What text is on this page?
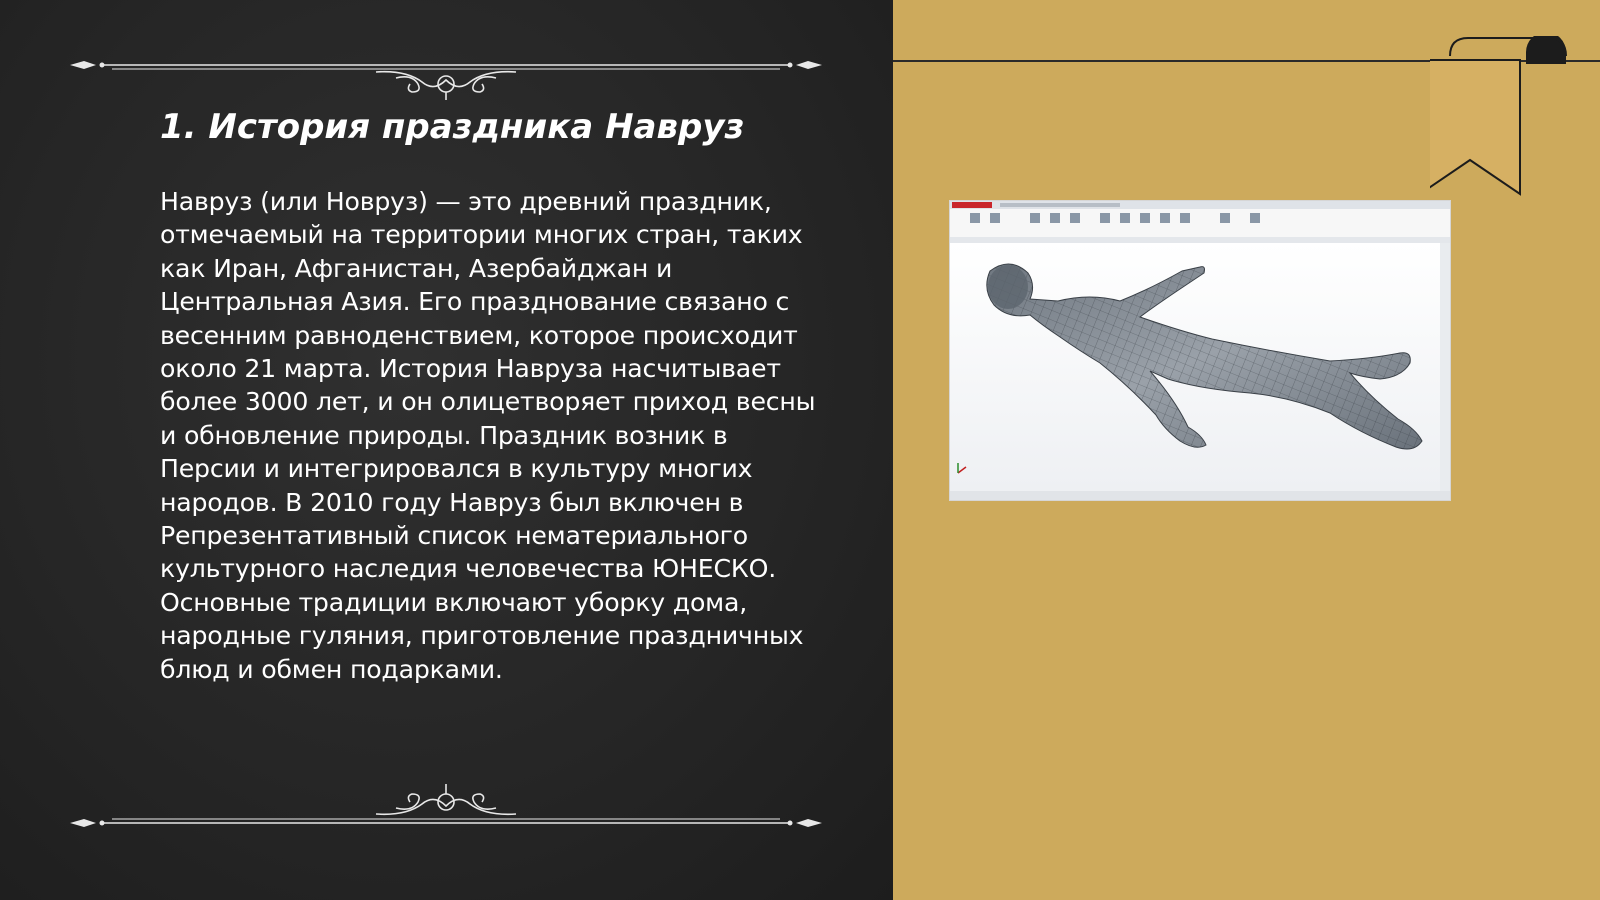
1. История праздника Навруз
Навруз (или Новруз) — это древний праздник,
отмечаемый на территории многих стран, таких
как Иран, Афганистан, Азербайджан и
Центральная Азия. Его празднование связано с
весенним равноденствием, которое происходит
около 21 марта. История Навруза насчитывает
более 3000 лет, и он олицетворяет приход весны
и обновление природы. Праздник возник в
Персии и интегрировался в культуру многих
народов. В 2010 году Навруз был включен в
Репрезентативный список нематериального
культурного наследия человечества ЮНЕСКО.
Основные традиции включают уборку дома,
народные гуляния, приготовление праздничных
блюд и обмен подарками.
